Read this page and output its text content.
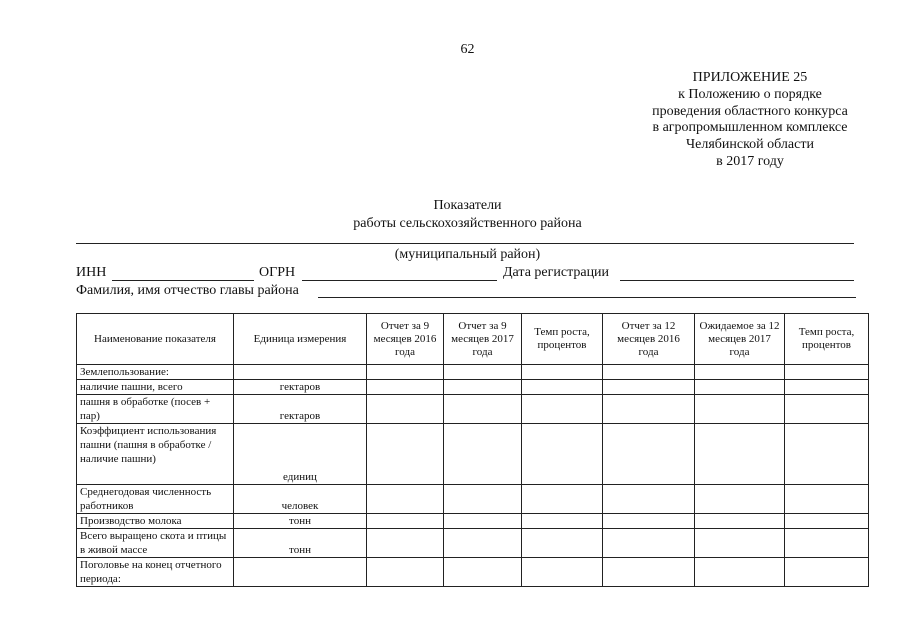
62
ПРИЛОЖЕНИЕ 25
к Положению о порядке
проведения областного конкурса
в агропромышленном комплексе
Челябинской области
в 2017 году
Показатели
работы сельскохозяйственного района
(муниципальный район)
ИНН	ОГРН	Дата регистрации
Фамилия, имя отчество главы района
Наименование показателя	Единица измерения	Отчет за 9 месяцев 2016 года	Отчет за 9 месяцев 2017 года	Темп роста, процентов	Отчет за 12 месяцев 2016 года	Ожидаемое за 12 месяцев 2017 года	Темп роста, процентов
Землепользование:							
наличие пашни, всего	гектаров						
пашня в обработке (посев + пар)	гектаров						
Коэффициент использования пашни (пашня в обработке / наличие пашни)	единиц						
Среднегодовая численность работников	человек						
Производство молока	тонн						
Всего выращено скота и птицы в живой массе	тонн						
Поголовье на конец отчетного периода:							
